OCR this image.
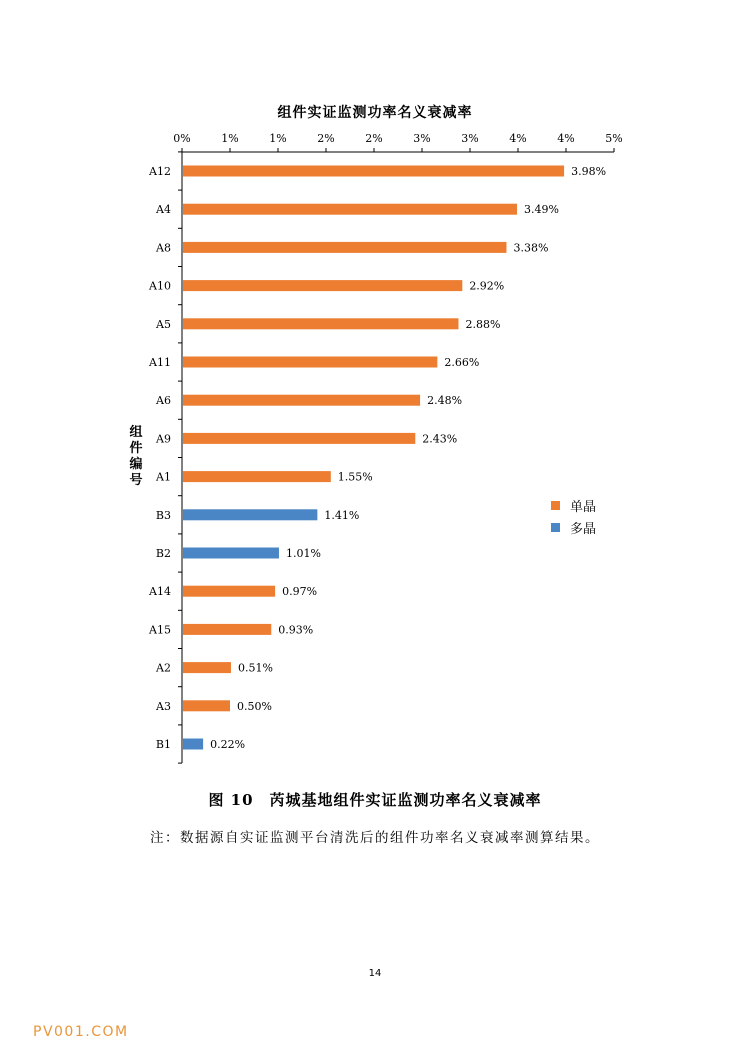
组件实证监测功率名义衰减率
0%	1%	1%	2%	2%	3%	3%	4%	4%	5%
A12	3.98%
A4	3.49%
A8	3.38%
A10	2.92%
A5	2.88%
A11	2.66%
A6	2.48%
A9	2.43%
A1	1.55%
B3	1.41%
B2	1.01%
A14	0.97%
A15	0.93%
A2	0.51%
A3	0.50%
B1	0.22%
组件编号
单晶
多晶
图 10　芮城基地组件实证监测功率名义衰减率
注：数据源自实证监测平台清洗后的组件功率名义衰减率测算结果。
14
PV001.COM
